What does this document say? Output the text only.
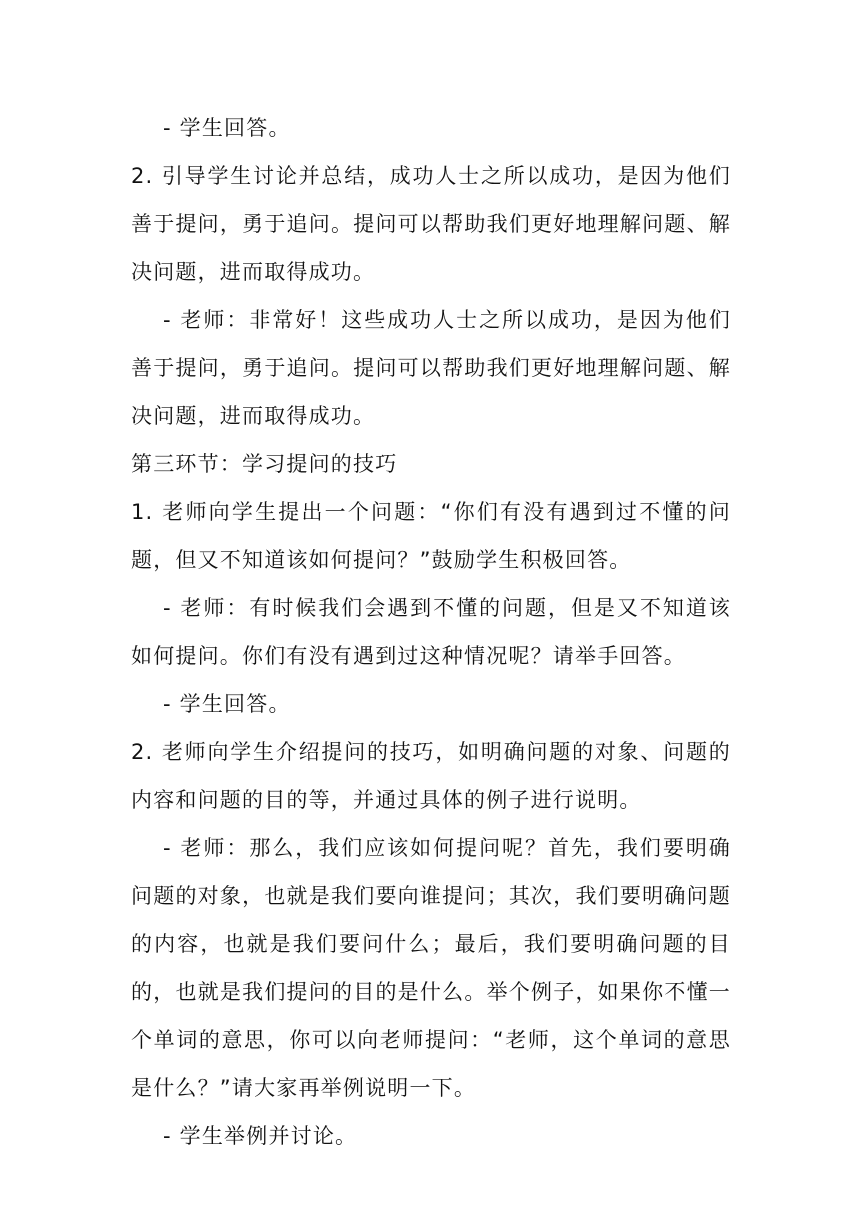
- 学生回答。

2. 引导学生讨论并总结，成功人士之所以成功，是因为他们善于提问，勇于追问。提问可以帮助我们更好地理解问题、解决问题，进而取得成功。

- 老师：非常好！这些成功人士之所以成功，是因为他们善于提问，勇于追问。提问可以帮助我们更好地理解问题、解决问题，进而取得成功。

第三环节：学习提问的技巧

1. 老师向学生提出一个问题：“你们有没有遇到过不懂的问题，但又不知道该如何提问？”鼓励学生积极回答。

- 老师：有时候我们会遇到不懂的问题，但是又不知道该如何提问。你们有没有遇到过这种情况呢？请举手回答。

- 学生回答。

2. 老师向学生介绍提问的技巧，如明确问题的对象、问题的内容和问题的目的等，并通过具体的例子进行说明。

- 老师：那么，我们应该如何提问呢？首先，我们要明确问题的对象，也就是我们要向谁提问；其次，我们要明确问题的内容，也就是我们要问什么；最后，我们要明确问题的目的，也就是我们提问的目的是什么。举个例子，如果你不懂一个单词的意思，你可以向老师提问：“老师，这个单词的意思是什么？”请大家再举例说明一下。

- 学生举例并讨论。
